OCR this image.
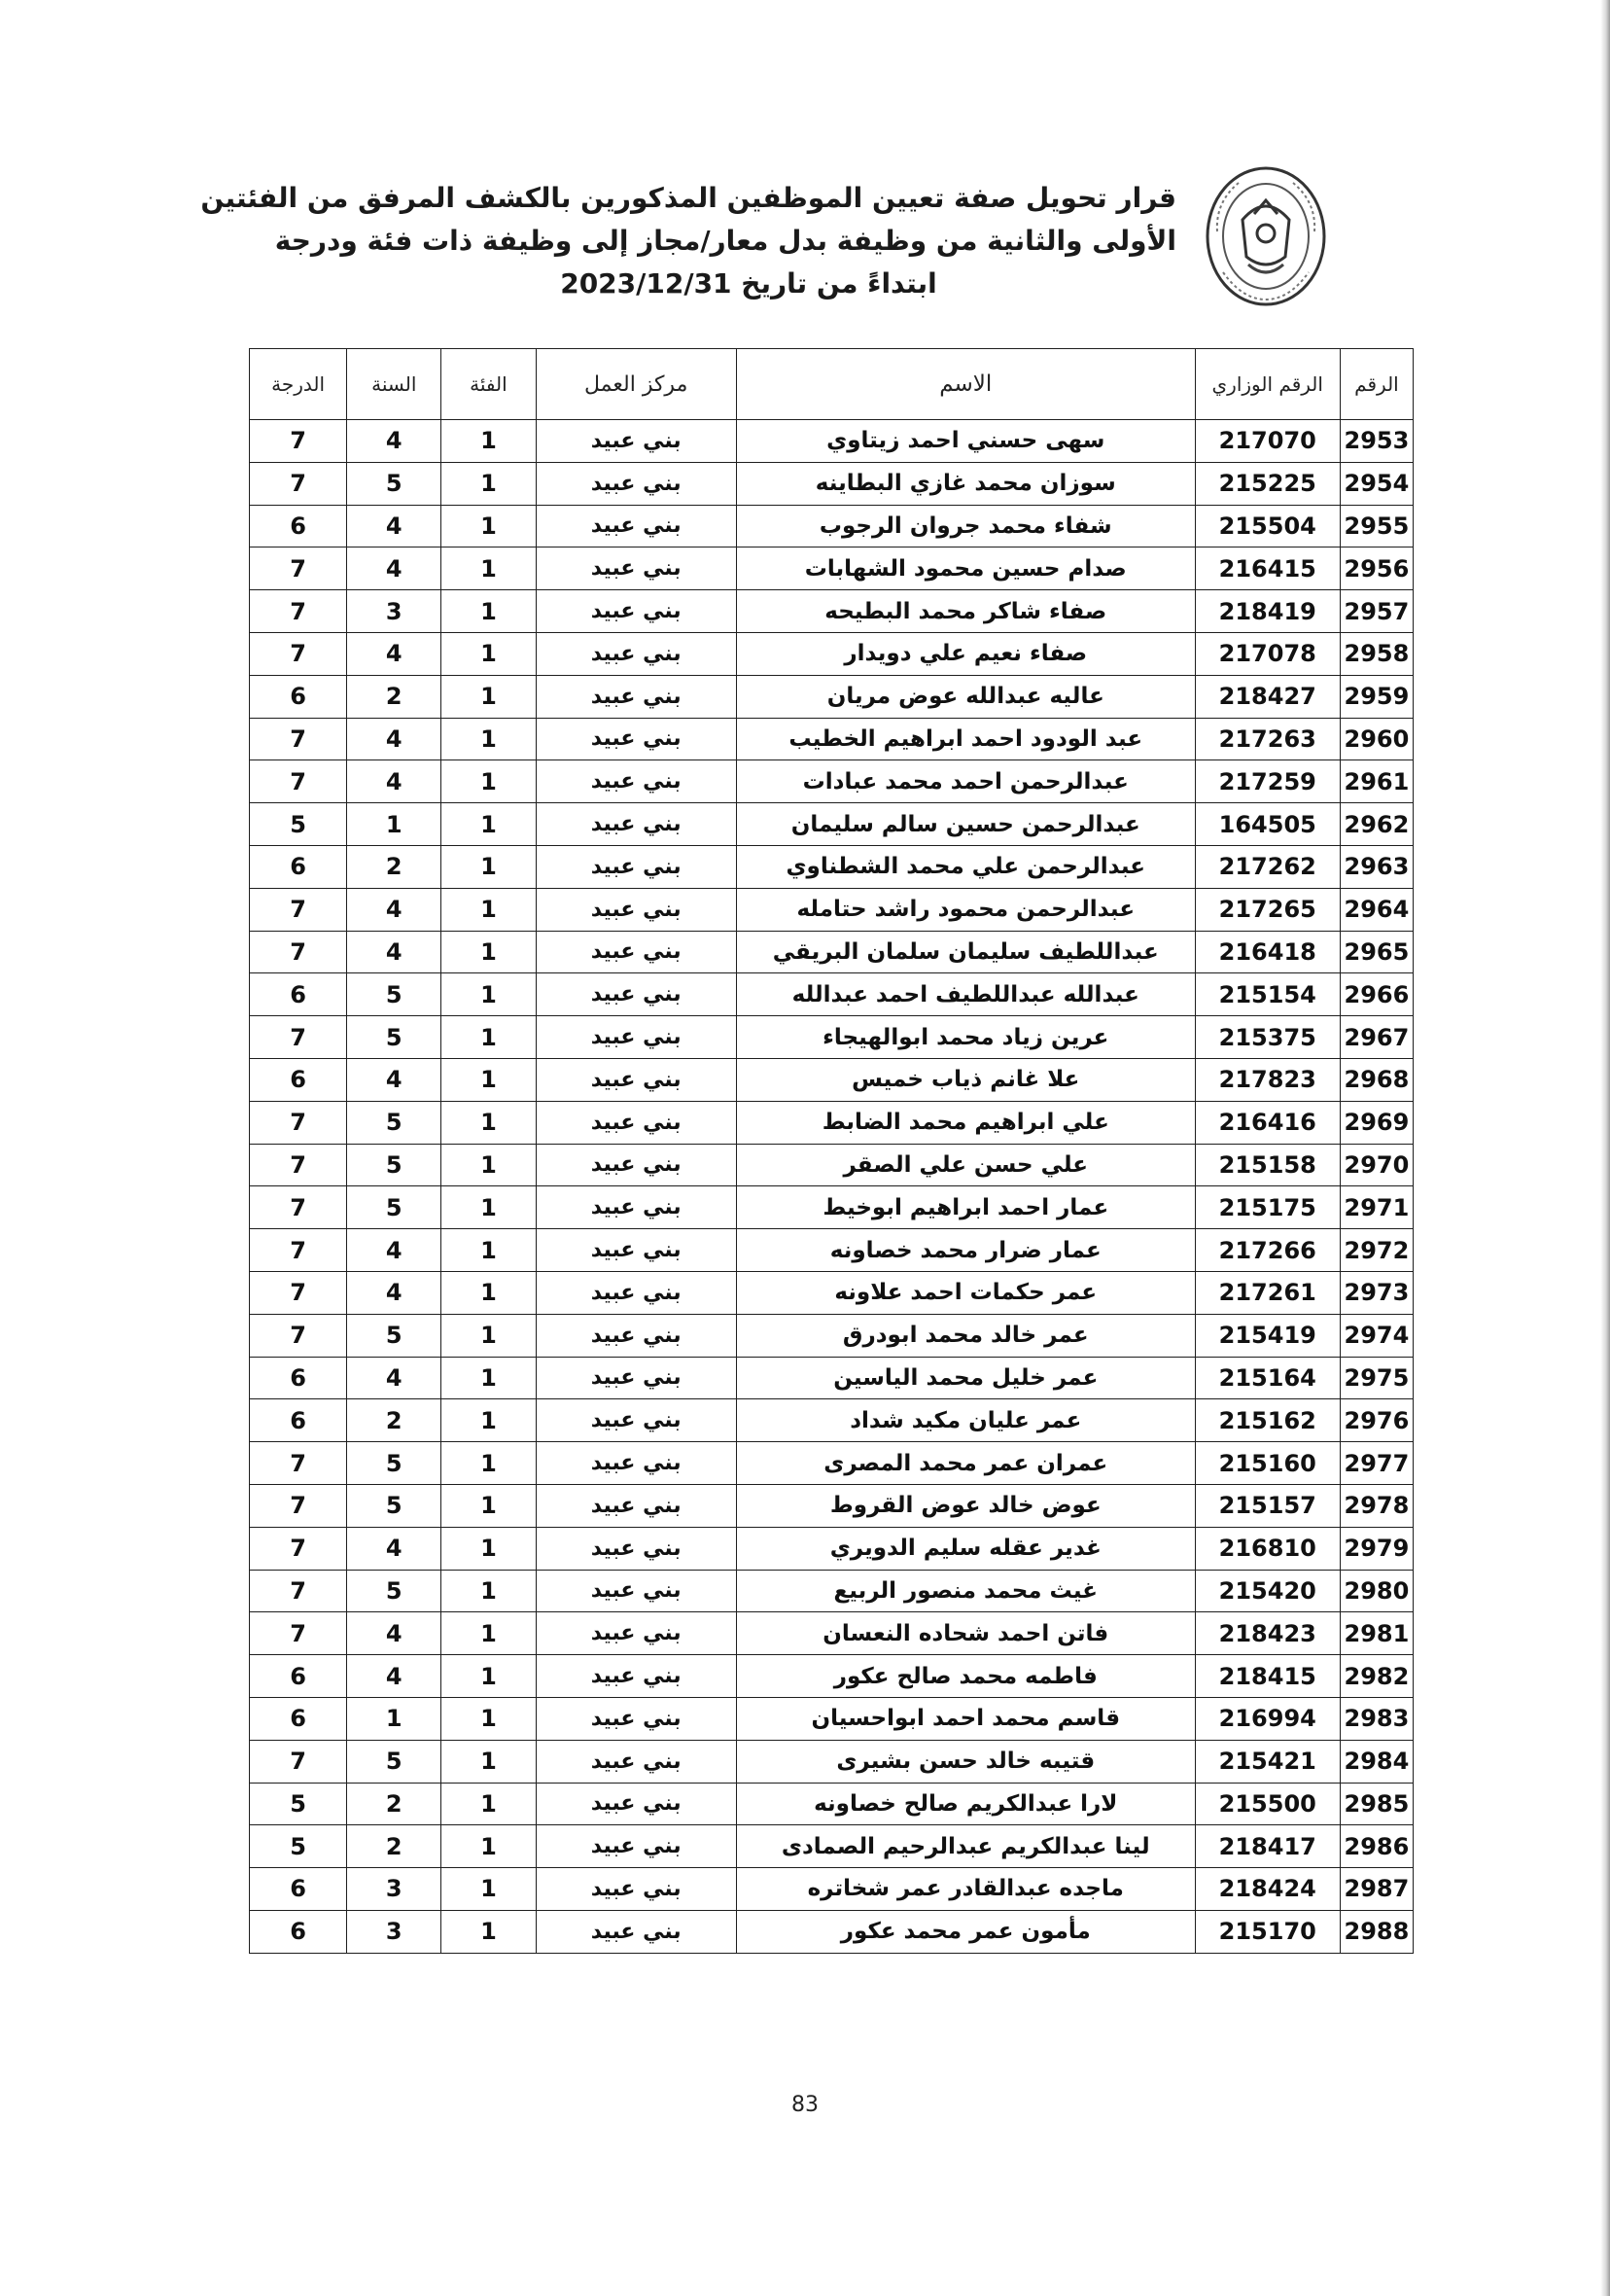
قرار تحويل صفة تعيين الموظفين المذكورين بالكشف المرفق من الفئتين
الأولى والثانية من وظيفة بدل معار/مجاز إلى وظيفة ذات فئة ودرجة
ابتداءً من تاريخ 2023/12/31
الرقم	الرقم الوزاري	الاسم	مركز العمل	الفئة	السنة	الدرجة
2953	217070	سهى حسني احمد زيتاوي	بني عبيد	1	4	7
2954	215225	سوزان محمد غازي البطاينه	بني عبيد	1	5	7
2955	215504	شفاء محمد جروان الرجوب	بني عبيد	1	4	6
2956	216415	صدام حسين محمود الشهابات	بني عبيد	1	4	7
2957	218419	صفاء شاكر محمد البطيحه	بني عبيد	1	3	7
2958	217078	صفاء نعيم علي دويدار	بني عبيد	1	4	7
2959	218427	عاليه عبدالله عوض مريان	بني عبيد	1	2	6
2960	217263	عبد الودود احمد ابراهيم الخطيب	بني عبيد	1	4	7
2961	217259	عبدالرحمن احمد محمد عبادات	بني عبيد	1	4	7
2962	164505	عبدالرحمن حسين سالم سليمان	بني عبيد	1	1	5
2963	217262	عبدالرحمن علي محمد الشطناوي	بني عبيد	1	2	6
2964	217265	عبدالرحمن محمود راشد حتامله	بني عبيد	1	4	7
2965	216418	عبداللطيف سليمان سلمان البريقي	بني عبيد	1	4	7
2966	215154	عبدالله عبداللطيف احمد عبدالله	بني عبيد	1	5	6
2967	215375	عرين زياد محمد ابوالهيجاء	بني عبيد	1	5	7
2968	217823	علا غانم ذياب خميس	بني عبيد	1	4	6
2969	216416	علي ابراهيم محمد الضابط	بني عبيد	1	5	7
2970	215158	علي حسن علي الصقر	بني عبيد	1	5	7
2971	215175	عمار احمد ابراهيم ابوخيط	بني عبيد	1	5	7
2972	217266	عمار ضرار محمد خصاونه	بني عبيد	1	4	7
2973	217261	عمر حكمات احمد علاونه	بني عبيد	1	4	7
2974	215419	عمر خالد محمد ابودرق	بني عبيد	1	5	7
2975	215164	عمر خليل محمد الياسين	بني عبيد	1	4	6
2976	215162	عمر عليان مكيد شداد	بني عبيد	1	2	6
2977	215160	عمران عمر محمد المصرى	بني عبيد	1	5	7
2978	215157	عوض خالد عوض القروط	بني عبيد	1	5	7
2979	216810	غدير عقله سليم الدويري	بني عبيد	1	4	7
2980	215420	غيث محمد منصور الربيع	بني عبيد	1	5	7
2981	218423	فاتن احمد شحاده النعسان	بني عبيد	1	4	7
2982	218415	فاطمه محمد صالح عكور	بني عبيد	1	4	6
2983	216994	قاسم محمد احمد ابواحسيان	بني عبيد	1	1	6
2984	215421	قتيبه خالد حسن بشيرى	بني عبيد	1	5	7
2985	215500	لارا عبدالكريم صالح خصاونه	بني عبيد	1	2	5
2986	218417	لينا عبدالكريم عبدالرحيم الصمادى	بني عبيد	1	2	5
2987	218424	ماجده عبدالقادر عمر شخاتره	بني عبيد	1	3	6
2988	215170	مأمون عمر محمد عكور	بني عبيد	1	3	6
83
